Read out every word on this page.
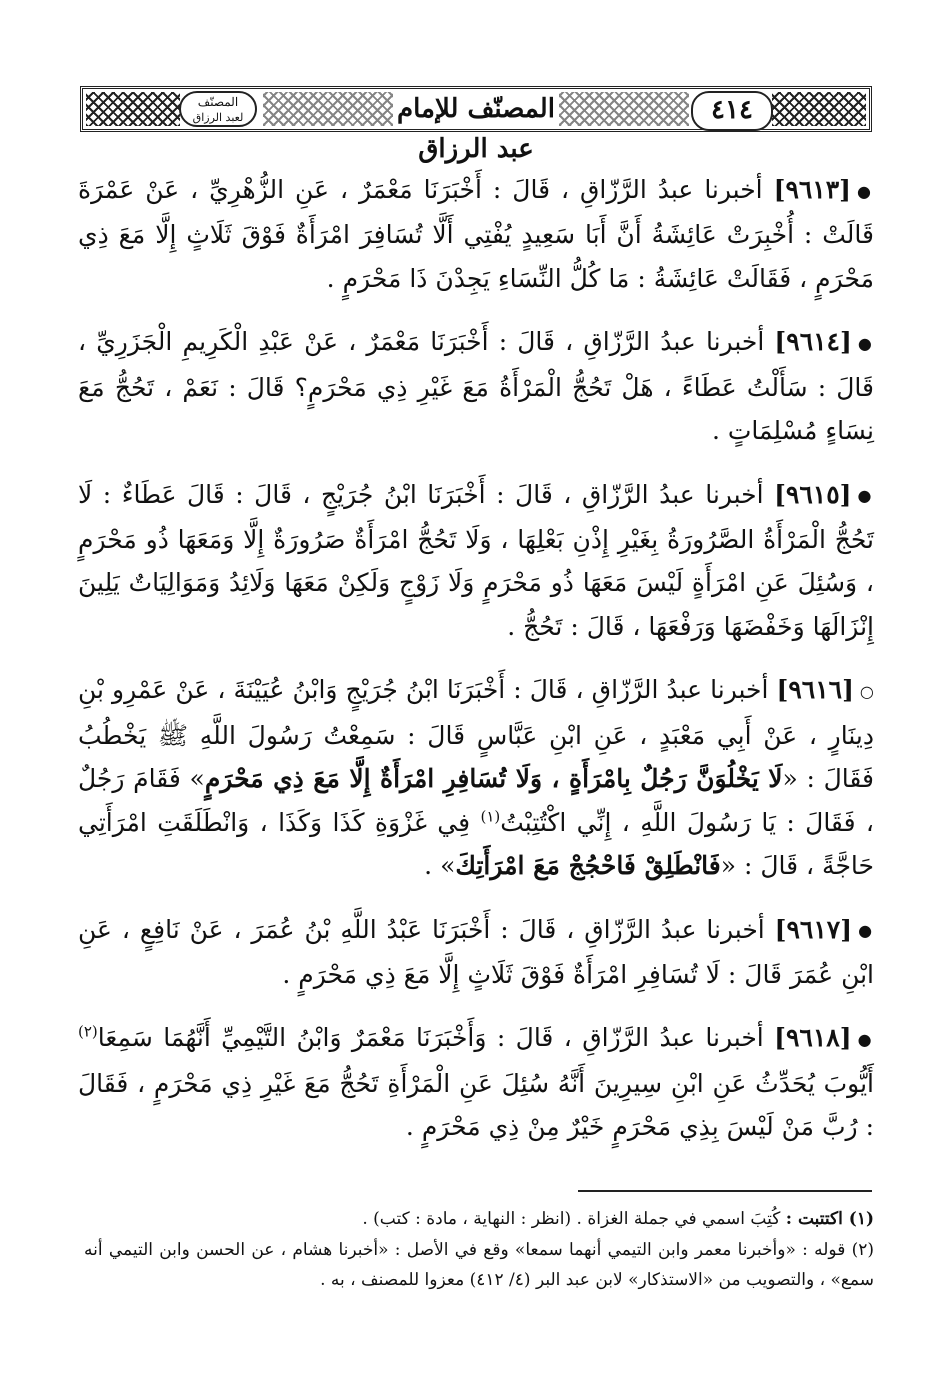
٤١٤
المصنّف للإمام عبد الرزاق
المصنّف
لعبد الرزاق

●[٩٦١٣] أخبرنا عبدُ الرَّزّاقِ ، قَالَ : أَخْبَرَنَا مَعْمَرٌ ، عَنِ الزُّهْرِيِّ ، عَنْ عَمْرَةَ قَالَتْ : أُخْبِرَتْ عَائِشَةُ أَنَّ أَبَا سَعِيدٍ يُفْتِي أَلَّا تُسَافِرَ امْرَأَةٌ فَوْقَ ثَلَاثٍ إِلَّا مَعَ ذِي مَحْرَمٍ ، فَقَالَتْ عَائِشَةُ : مَا كُلُّ النِّسَاءِ يَجِدْنَ ذَا مَحْرَمٍ .

●[٩٦١٤] أخبرنا عبدُ الرَّزّاقِ ، قَالَ : أَخْبَرَنَا مَعْمَرٌ ، عَنْ عَبْدِ الْكَرِيمِ الْجَزَرِيِّ ، قَالَ : سَأَلْتُ عَطَاءً ، هَلْ تَحُجُّ الْمَرْأَةُ مَعَ غَيْرِ ذِي مَحْرَمٍ؟ قَالَ : نَعَمْ ، تَحُجُّ مَعَ نِسَاءٍ مُسْلِمَاتٍ .

●[٩٦١٥] أخبرنا عبدُ الرَّزّاقِ ، قَالَ : أَخْبَرَنَا ابْنُ جُرَيْجٍ ، قَالَ : قَالَ عَطَاءٌ : لَا تَحُجُّ الْمَرْأَةُ الصَّرُورَةُ بِغَيْرِ إِذْنِ بَعْلِهَا ، وَلَا تَحُجُّ امْرَأَةٌ صَرُورَةٌ إِلَّا وَمَعَهَا ذُو مَحْرَمٍ ، وَسُئِلَ عَنِ امْرَأَةٍ لَيْسَ مَعَهَا ذُو مَحْرَمٍ وَلَا زَوْجٍ وَلَكِنْ مَعَهَا وَلَائِدُ وَمَوَالِيَاتٌ يَلِينَ إِنْزَالَهَا وَخَفْضَهَا وَرَفْعَهَا ، قَالَ : تَحُجُّ .

○[٩٦١٦] أخبرنا عبدُ الرَّزّاقِ ، قَالَ : أَخْبَرَنَا ابْنُ جُرَيْجٍ وَابْنُ عُيَيْنَةَ ، عَنْ عَمْرِو بْنِ دِينَارٍ ، عَنْ أَبِي مَعْبَدٍ ، عَنِ ابْنِ عَبَّاسٍ قَالَ : سَمِعْتُ رَسُولَ اللَّهِ ﷺ يَخْطُبُ فَقَالَ : «لَا يَخْلُوَنَّ رَجُلٌ بِامْرَأَةٍ ، وَلَا تُسَافِرِ امْرَأَةٌ إِلَّا مَعَ ذِي مَحْرَمٍ» فَقَامَ رَجُلٌ ، فَقَالَ : يَا رَسُولَ اللَّهِ ، إِنِّي اكْتُتِبْتُ$^{(١)}$ فِي غَزْوَةِ كَذَا وَكَذَا ، وَانْطَلَقَتِ امْرَأَتِي حَاجَّةً ، قَالَ : «فَانْطَلِقْ فَاحْجُجْ مَعَ امْرَأَتِكَ» .

●[٩٦١٧] أخبرنا عبدُ الرَّزّاقِ ، قَالَ : أَخْبَرَنَا عَبْدُ اللَّهِ بْنُ عُمَرَ ، عَنْ نَافِعٍ ، عَنِ ابْنِ عُمَرَ قَالَ : لَا تُسَافِرِ امْرَأَةٌ فَوْقَ ثَلَاثٍ إِلَّا مَعَ ذِي مَحْرَمٍ .

●[٩٦١٨] أخبرنا عبدُ الرَّزّاقِ ، قَالَ : وَأَخْبَرَنَا مَعْمَرٌ وَابْنُ التَّيْمِيِّ أَنَّهُمَا سَمِعَا$^{(٢)}$ أَيُّوبَ يُحَدِّثُ عَنِ ابْنِ سِيرِينَ أَنَّهُ سُئِلَ عَنِ الْمَرْأَةِ تَحُجُّ مَعَ غَيْرِ ذِي مَحْرَمٍ ، فَقَالَ : رُبَّ مَنْ لَيْسَ بِذِي مَحْرَمٍ خَيْرٌ مِنْ ذِي مَحْرَمٍ .

(١) اكتتبت : كُتِبَ اسمي في جملة الغزاة . (انظر : النهاية ، مادة : كتب) .

(٢) قوله : «وأخبرنا معمر وابن التيمي أنهما سمعا» وقع في الأصل : «أخبرنا هشام ، عن الحسن وابن التيمي أنه سمع» ، والتصويب من «الاستذكار» لابن عبد البر (٤/ ٤١٢) معزوا للمصنف ، به .
